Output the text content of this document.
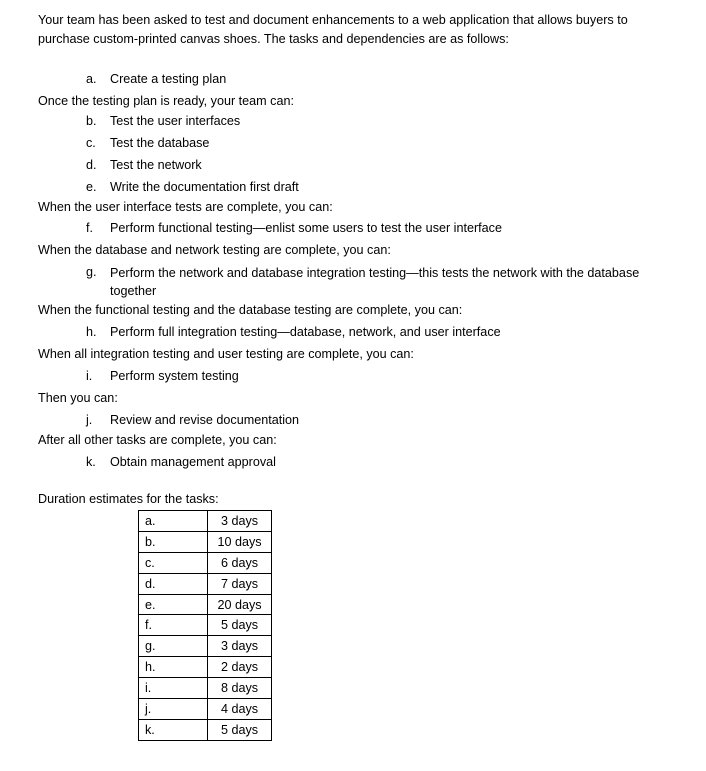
Your team has been asked to test and document enhancements to a web application that allows buyers to purchase custom-printed canvas shoes. The tasks and dependencies are as follows:
a.	Create a testing plan
Once the testing plan is ready, your team can:
b.	Test the user interfaces
c.	Test the database
d.	Test the network
e.	Write the documentation first draft
When the user interface tests are complete, you can:
f.	Perform functional testing—enlist some users to test the user interface
When the database and network testing are complete, you can:
g.	Perform the network and database integration testing—this tests the network with the database together
When the functional testing and the database testing are complete, you can:
h.	Perform full integration testing—database, network, and user interface
When all integration testing and user testing are complete, you can:
i.	Perform system testing
Then you can:
j.	Review and revise documentation
After all other tasks are complete, you can:
k.	Obtain management approval
Duration estimates for the tasks:
a.	3 days
b.	10 days
c.	6 days
d.	7 days
e.	20 days
f.	5 days
g.	3 days
h.	2 days
i.	8 days
j.	4 days
k.	5 days
